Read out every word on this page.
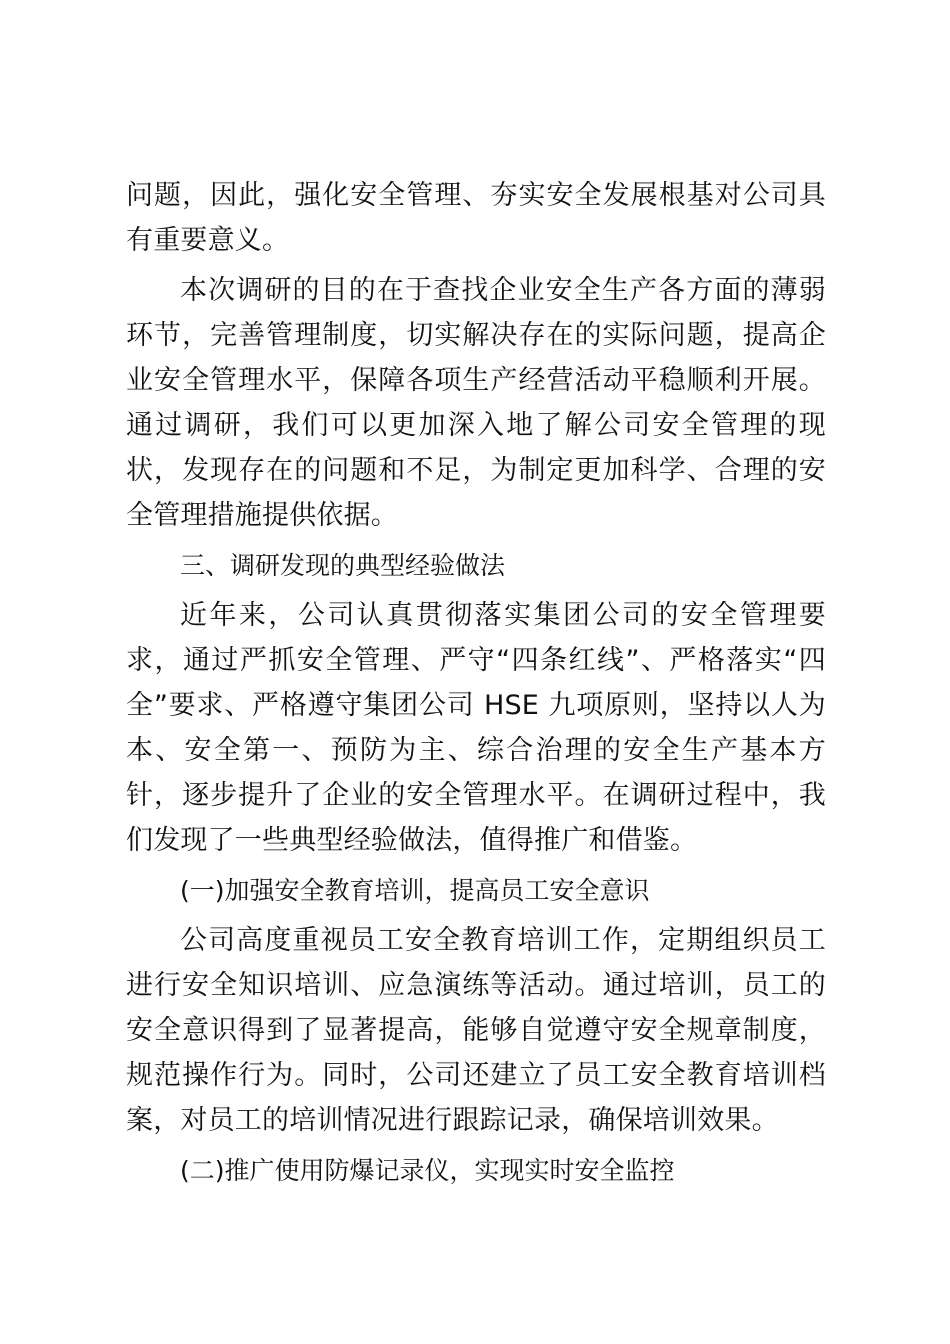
问题，因此，强化安全管理、夯实安全发展根基对公司具有重要意义。

本次调研的目的在于查找企业安全生产各方面的薄弱环节，完善管理制度，切实解决存在的实际问题，提高企业安全管理水平，保障各项生产经营活动平稳顺利开展。通过调研，我们可以更加深入地了解公司安全管理的现状，发现存在的问题和不足，为制定更加科学、合理的安全管理措施提供依据。

三、调研发现的典型经验做法

近年来，公司认真贯彻落实集团公司的安全管理要求，通过严抓安全管理、严守“四条红线”、严格落实“四全”要求、严格遵守集团公司 HSE 九项原则，坚持以人为本、安全第一、预防为主、综合治理的安全生产基本方针，逐步提升了企业的安全管理水平。在调研过程中，我们发现了一些典型经验做法，值得推广和借鉴。

(一)加强安全教育培训，提高员工安全意识

公司高度重视员工安全教育培训工作，定期组织员工进行安全知识培训、应急演练等活动。通过培训，员工的安全意识得到了显著提高，能够自觉遵守安全规章制度，规范操作行为。同时，公司还建立了员工安全教育培训档案，对员工的培训情况进行跟踪记录，确保培训效果。

(二)推广使用防爆记录仪，实现实时安全监控
